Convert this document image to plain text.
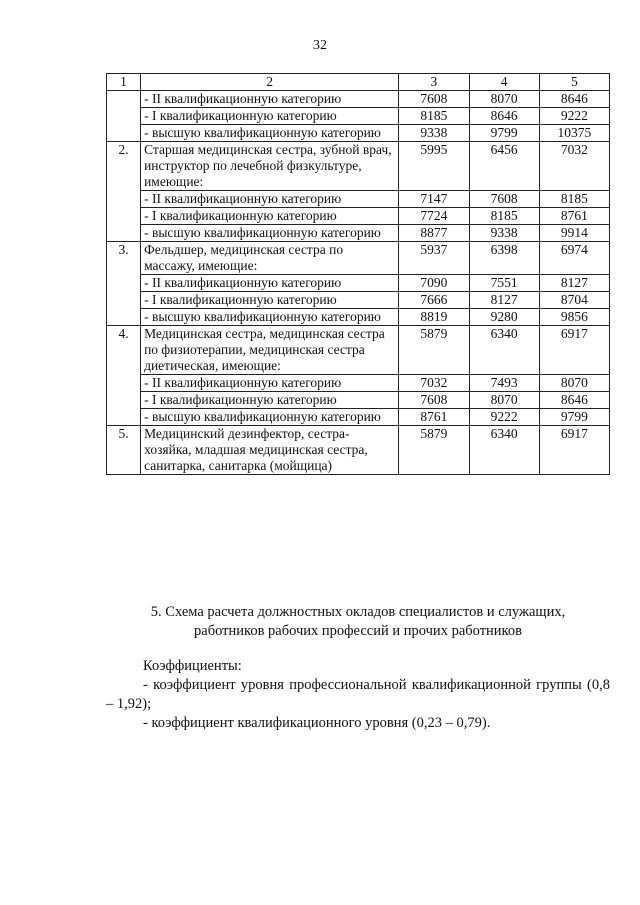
32
1	2	3	4	5
	- II квалификационную категорию	7608	8070	8646
	- I квалификационную категорию	8185	8646	9222
	- высшую квалификационную категорию	9338	9799	10375
2.	Старшая медицинская сестра, зубной врач, инструктор по лечебной физкультуре, имеющие:	5995	6456	7032
	- II квалификационную категорию	7147	7608	8185
	- I квалификационную категорию	7724	8185	8761
	- высшую квалификационную категорию	8877	9338	9914
3.	Фельдшер, медицинская сестра по массажу, имеющие:	5937	6398	6974
	- II квалификационную категорию	7090	7551	8127
	- I квалификационную категорию	7666	8127	8704
	- высшую квалификационную категорию	8819	9280	9856
4.	Медицинская сестра, медицинская сестра по физиотерапии, медицинская сестра диетическая, имеющие:	5879	6340	6917
	- II квалификационную категорию	7032	7493	8070
	- I квалификационную категорию	7608	8070	8646
	- высшую квалификационную категорию	8761	9222	9799
5.	Медицинский дезинфектор, сестра-хозяйка, младшая медицинская сестра, санитарка, санитарка (мойщица)	5879	6340	6917
5. Схема расчета должностных окладов специалистов и служащих,
работников рабочих профессий и прочих работников

Коэффициенты:

- коэффициент уровня профессиональной квалификационной группы (0,8 – 1,92);

- коэффициент квалификационного уровня (0,23 – 0,79).
